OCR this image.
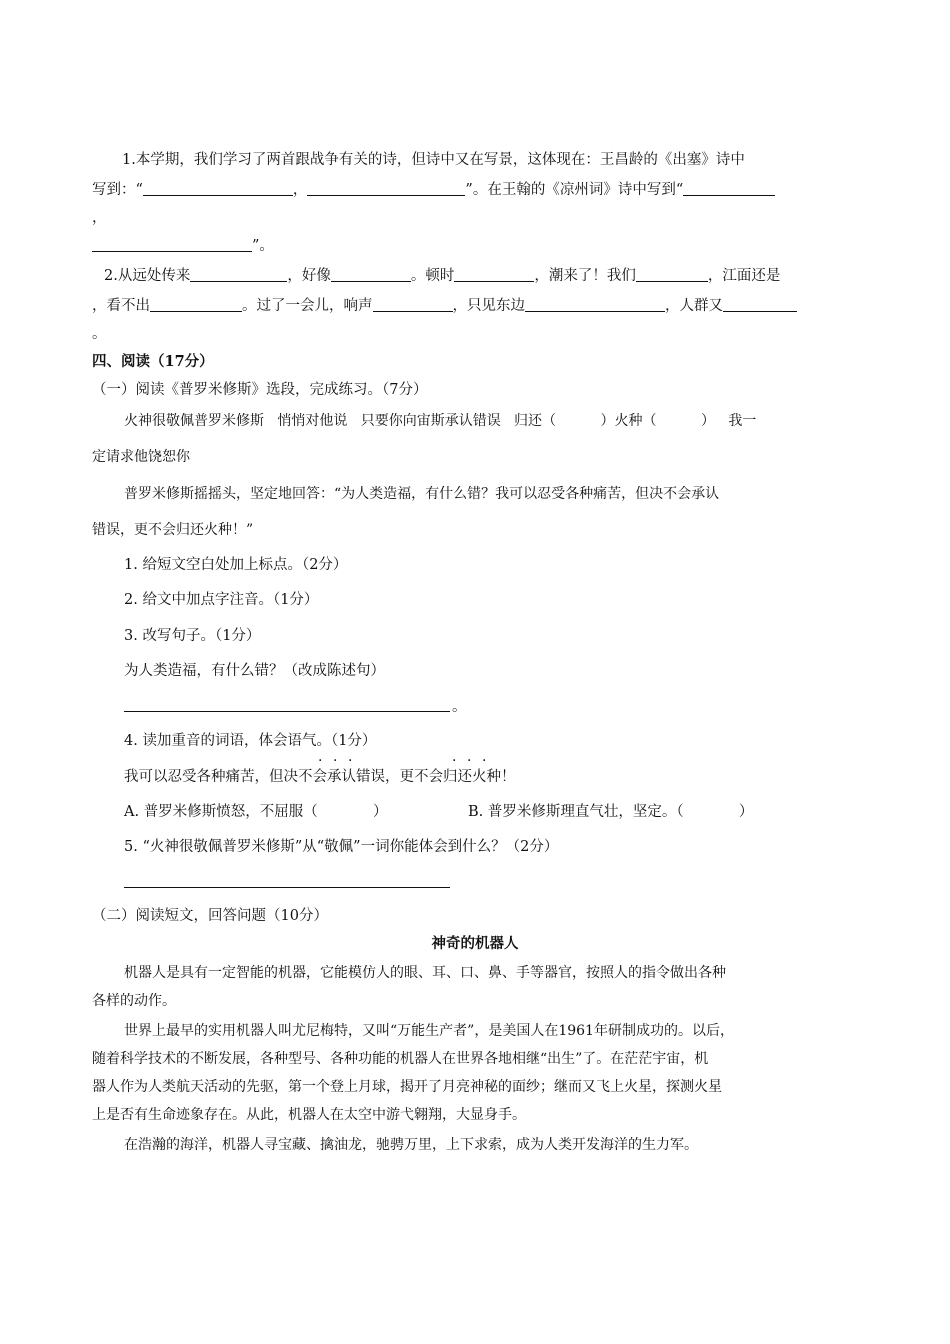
1.本学期，我们学习了两首跟战争有关的诗，但诗中又在写景，这体现在：王昌龄的《出塞》诗中
写到：“	，	”。在王翰的《凉州词》诗中写到“
，
”。
2.从远处传来	，好像	。顿时	，潮来了！我们	，江面还是
，看不出	。过了一会儿，响声	，只见东边	，人群又
。
四、阅读（17分）
（一）阅读《普罗米修斯》选段，完成练习。（7分）
火神很敬佩普罗米修斯   悄悄对他说   只要你向宙斯承认错误   归还（          ）火种（          ）   我一
定请求他饶恕你
普罗米修斯摇摇头，坚定地回答：“为人类造福，有什么错？我可以忍受各种痛苦，但决不会承认
错误，更不会归还火种！”
1. 给短文空白处加上标点。（2分）
2. 给文中加点字注音。（1分）
3. 改写句子。（1分）
为人类造福，有什么错？（改成陈述句）
。
4. 读加重音的词语，体会语气。（1分）
· · ·	· · ·
我可以忍受各种痛苦，但决不会承认错误，更不会归还火种！
A. 普罗米修斯愤怒，不屈服（            ）	B. 普罗米修斯理直气壮，坚定。（            ）
5. “火神很敬佩普罗米修斯”从“敬佩”一词你能体会到什么？（2分）
（二）阅读短文，回答问题（10分）
神奇的机器人
机器人是具有一定智能的机器，它能模仿人的眼、耳、口、鼻、手等器官，按照人的指令做出各种
各样的动作。
世界上最早的实用机器人叫尤尼梅特，又叫“万能生产者”，是美国人在1961年研制成功的。以后，
随着科学技术的不断发展，各种型号、各种功能的机器人在世界各地相继“出生”了。在茫茫宇宙，机
器人作为人类航天活动的先驱，第一个登上月球，揭开了月亮神秘的面纱；继而又飞上火星，探测火星
上是否有生命迹象存在。从此，机器人在太空中游弋翱翔，大显身手。
在浩瀚的海洋，机器人寻宝藏、擒油龙，驰骋万里，上下求索，成为人类开发海洋的生力军。
